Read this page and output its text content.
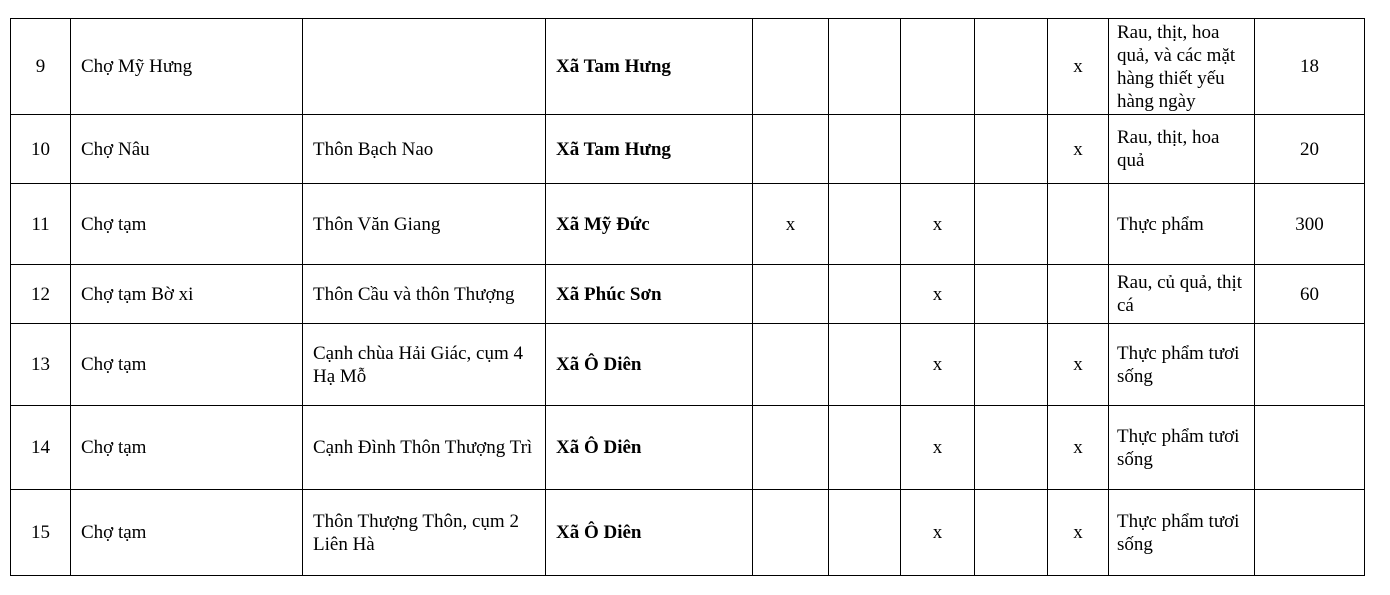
9	Chợ Mỹ Hưng		Xã Tam Hưng					x	Rau, thịt, hoa quả, và các mặt hàng thiết yếu hàng ngày	18
10	Chợ Nâu	Thôn Bạch Nao	Xã Tam Hưng					x	Rau, thịt, hoa quả	20
11	Chợ tạm	Thôn Văn Giang	Xã Mỹ Đức	x		x			Thực phẩm	300
12	Chợ tạm Bờ xi	Thôn Cầu và thôn Thượng	Xã Phúc Sơn			x			Rau, củ quả, thịt cá	60
13	Chợ tạm	Cạnh chùa Hải Giác, cụm 4 Hạ Mỗ	Xã Ô Diên			x		x	Thực phẩm tươi sống	
14	Chợ tạm	Cạnh Đình Thôn Thượng Trì	Xã Ô Diên			x		x	Thực phẩm tươi sống	
15	Chợ tạm	Thôn Thượng Thôn, cụm 2 Liên Hà	Xã Ô Diên			x		x	Thực phẩm tươi sống	
